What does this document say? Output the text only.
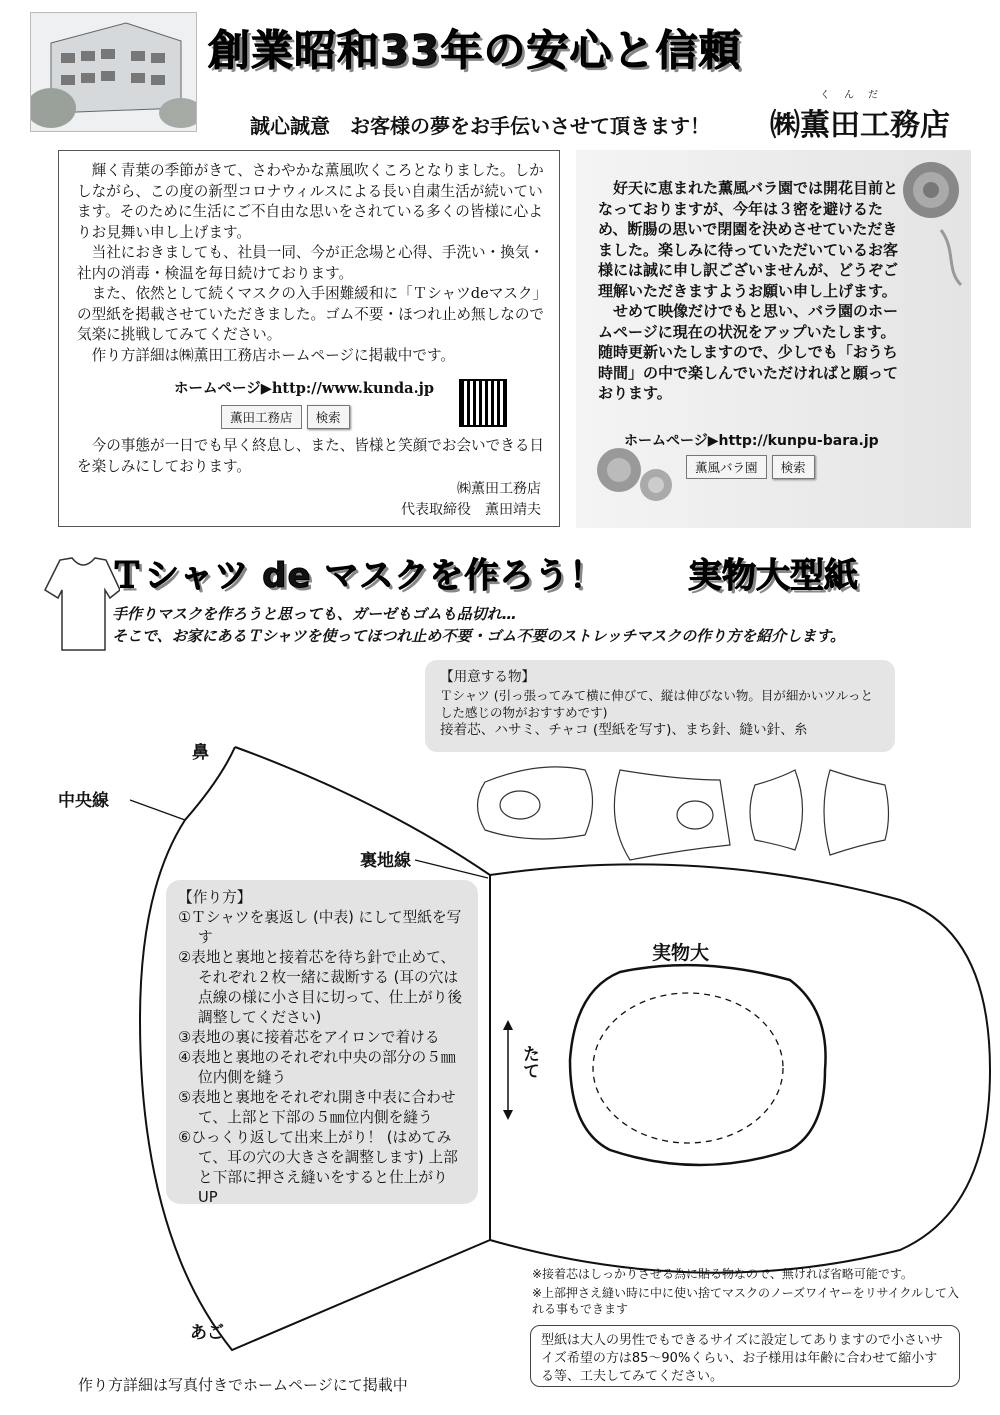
創業昭和33年の安心と信頼
誠心誠意　お客様の夢をお手伝いさせて頂きます！
くんだ
㈱薫田工務店

輝く青葉の季節がきて、さわやかな薫風吹くころとなりました。しかしながら、この度の新型コロナウィルスによる長い自粛生活が続いています。そのために生活にご不自由な思いをされている多くの皆様に心よりお見舞い申し上げます。

当社におきましても、社員一同、今が正念場と心得、手洗い・換気・社内の消毒・検温を毎日続けております。

また、依然として続くマスクの入手困難緩和に「Ｔシャツdeマスク」の型紙を掲載させていただきました。ゴム不要・ほつれ止め無しなので気楽に挑戦してみてください。

作り方詳細は㈱薫田工務店ホームページに掲載中です。

ホームページ▶http://www.kunda.jp
薫田工務店 検索

今の事態が一日でも早く終息し、また、皆様と笑顔でお会いできる日を楽しみにしております。

㈱薫田工務店
代表取締役　薫田靖夫

好天に恵まれた薫風バラ園では開花目前となっておりますが、今年は３密を避けるため、断腸の思いで閉園を決めさせていただきました。楽しみに待っていただいているお客様には誠に申し訳ございませんが、どうぞご理解いただきますようお願い申し上げます。

せめて映像だけでもと思い、バラ園のホームページに現在の状況をアップいたします。随時更新いたしますので、少しでも「おうち時間」の中で楽しんでいただければと願っております。

ホームページ▶http://kunpu-bara.jp
薫風バラ園 検索
Ｔシャツ de マスクを作ろう！ 実物大型紙
手作りマスクを作ろうと思っても、ガーゼもゴムも品切れ…
そこで、お家にあるＴシャツを使ってほつれ止め不要・ゴム不要のストレッチマスクの作り方を紹介します。
【用意する物】
Ｔシャツ (引っ張ってみて横に伸びて、縦は伸びない物。目が細かいツルっとした感じの物がおすすめです)
接着芯、ハサミ、チャコ (型紙を写す)、まち針、縫い針、糸
鼻
中央線
裏地線
実物大
たて
あご
【作り方】
①Ｔシャツを裏返し (中表) にして型紙を写す
②表地と裏地と接着芯を待ち針で止めて、それぞれ２枚一緒に裁断する (耳の穴は点線の様に小さ目に切って、仕上がり後調整してください)
③表地の裏に接着芯をアイロンで着ける
④表地と裏地のそれぞれ中央の部分の５㎜位内側を縫う
⑤表地と裏地をそれぞれ開き中表に合わせて、上部と下部の５㎜位内側を縫う
⑥ひっくり返して出来上がり！ (はめてみて、耳の穴の大きさを調整します) 上部と下部に押さえ縫いをすると仕上がり UP
※接着芯はしっかりさせる為に貼る物なので、無ければ省略可能です。
※上部押さえ縫い時に中に使い捨てマスクのノーズワイヤーをリサイクルして入れる事もできます
型紙は大人の男性でもできるサイズに設定してありますので小さいサイズ希望の方は85〜90%くらい、お子様用は年齢に合わせて縮小する等、工夫してみてください。
作り方詳細は写真付きでホームページにて掲載中
